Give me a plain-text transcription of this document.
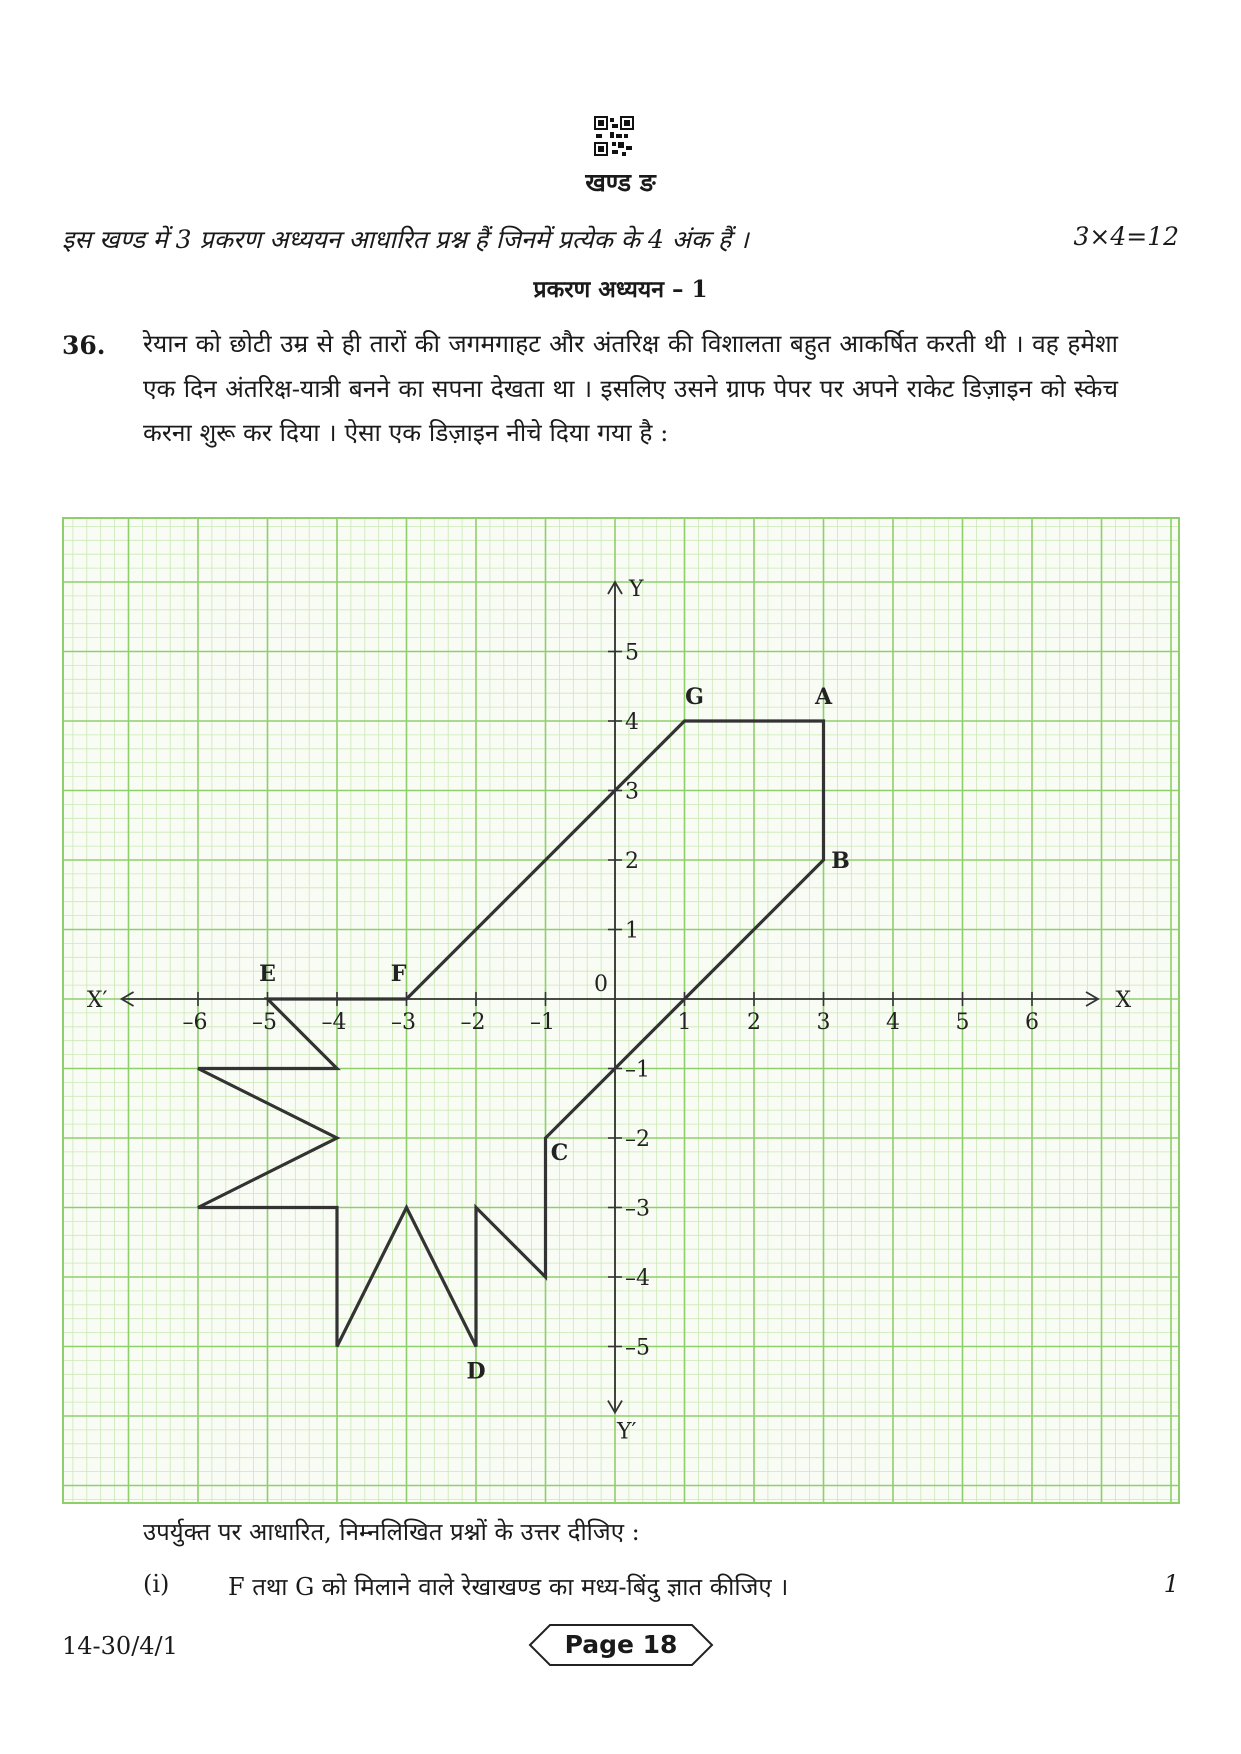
खण्ड ङ
इस खण्ड में 3 प्रकरण अध्ययन आधारित प्रश्न हैं जिनमें प्रत्येक के 4 अंक हैं ।	3×4=12
प्रकरण अध्ययन – 1
36. रेयान को छोटी उम्र से ही तारों की जगमगाहट और अंतरिक्ष की विशालता बहुत आकर्षित करती थी । वह हमेशा एक दिन अंतरिक्ष-यात्री बनने का सपना देखता था । इसलिए उसने ग्राफ पेपर पर अपने राकेट डिज़ाइन को स्केच करना शुरू कर दिया । ऐसा एक डिज़ाइन नीचे दिया गया है :
–6 –5 –4 –3 –2 –1	1	2	3	4	5	6
5
4
3
2
1
–1
–2
–3
–4
–5
0
X
X′
Y
Y′
A
B
C
D
E	F
G
उपर्युक्त पर आधारित, निम्नलिखित प्रश्नों के उत्तर दीजिए :
(i) F तथा G को मिलाने वाले रेखाखण्ड का मध्य-बिंदु ज्ञात कीजिए ।	1
14-30/4/1	Page 18
